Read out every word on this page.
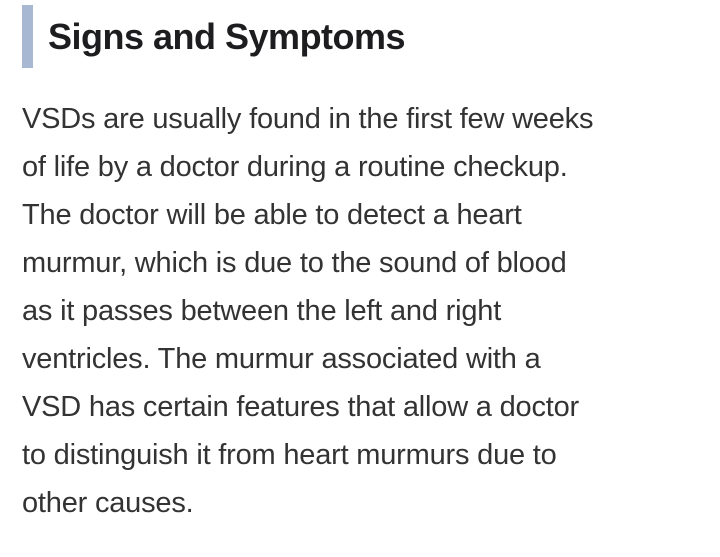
Signs and Symptoms
VSDs are usually found in the first few weeks
of life by a doctor during a routine checkup.
The doctor will be able to detect a heart
murmur, which is due to the sound of blood
as it passes between the left and right
ventricles. The murmur associated with a
VSD has certain features that allow a doctor
to distinguish it from heart murmurs due to
other causes.
